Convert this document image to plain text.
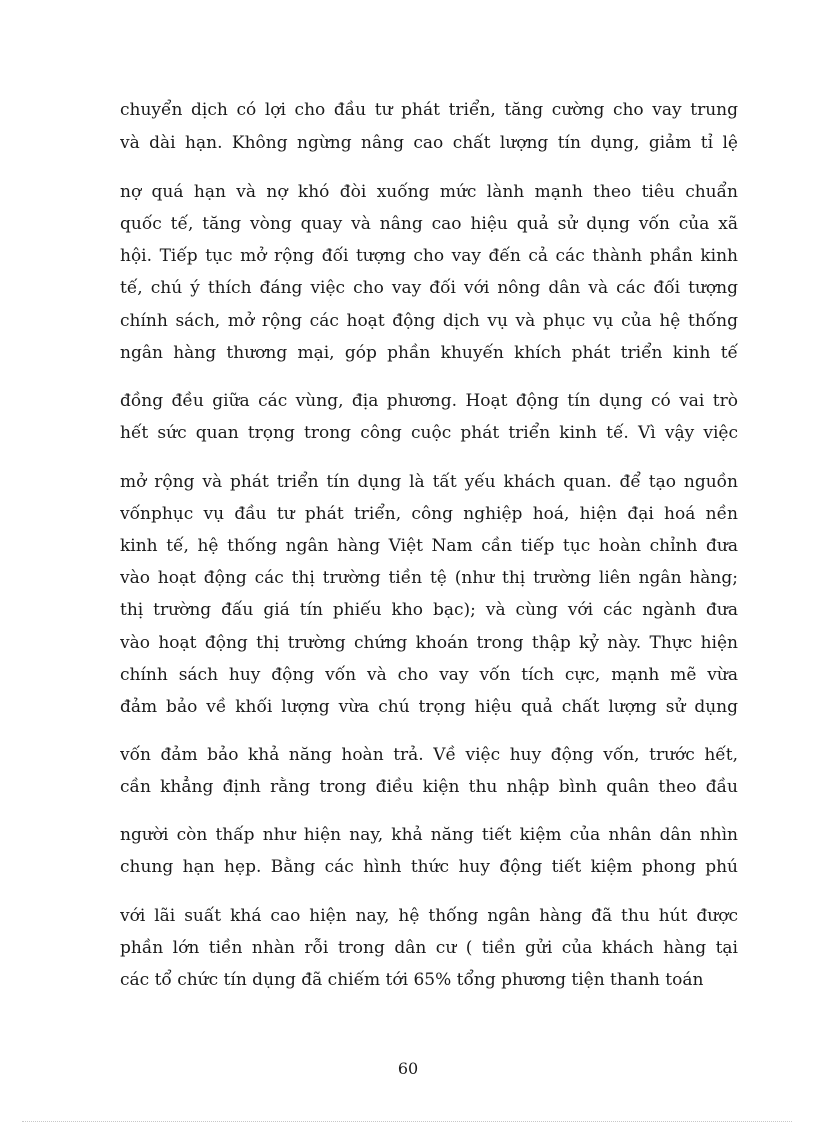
chuyển dịch có lợi cho đầu tư phát triển, tăng cường cho vay trung
và dài hạn. Không ngừng nâng cao chất lượng tín dụng, giảm tỉ lệ
nợ quá hạn và nợ khó đòi xuống mức lành mạnh theo tiêu chuẩn
quốc tế, tăng vòng quay và nâng cao hiệu quả sử dụng vốn của xã
hội. Tiếp tục mở rộng đối tượng cho vay đến cả các thành phần kinh
tế, chú ý thích đáng việc cho vay đối với nông dân và các đối tượng
chính sách, mở rộng các hoạt động dịch vụ và phục vụ của hệ thống
ngân hàng thương mại, góp phần khuyến khích phát triển kinh tế
đồng đều giữa các vùng, địa phương. Hoạt động tín dụng có vai trò
hết sức quan trọng trong công cuộc phát triển kinh tế. Vì vậy việc
mở rộng và phát triển tín dụng là tất yếu khách quan. để tạo nguồn
vốnphục vụ đầu tư phát triển, công nghiệp hoá, hiện đại hoá nền
kinh tế, hệ thống ngân hàng Việt Nam cần tiếp tục hoàn chỉnh đưa
vào hoạt động các thị trường tiền tệ (như thị trường liên ngân hàng;
thị trường đấu giá tín phiếu kho bạc); và cùng với các ngành đưa
vào hoạt động thị trường chứng khoán trong thập kỷ này. Thực hiện
chính sách huy động vốn và cho vay vốn tích cực, mạnh mẽ vừa
đảm bảo về khối lượng vừa chú trọng hiệu quả chất lượng sử dụng
vốn đảm bảo khả năng hoàn trả. Về việc huy động vốn, trước hết,
cần khẳng định rằng trong điều kiện thu nhập bình quân theo đầu
người còn thấp như hiện nay, khả năng tiết kiệm của nhân dân nhìn
chung hạn hẹp. Bằng các hình thức huy động tiết kiệm phong phú
với lãi suất khá cao hiện nay, hệ thống ngân hàng đã thu hút được
phần lớn tiền nhàn rỗi trong dân cư ( tiền gửi của khách hàng tại
các tổ chức tín dụng đã chiếm tới 65% tổng phương tiện thanh toán
60
